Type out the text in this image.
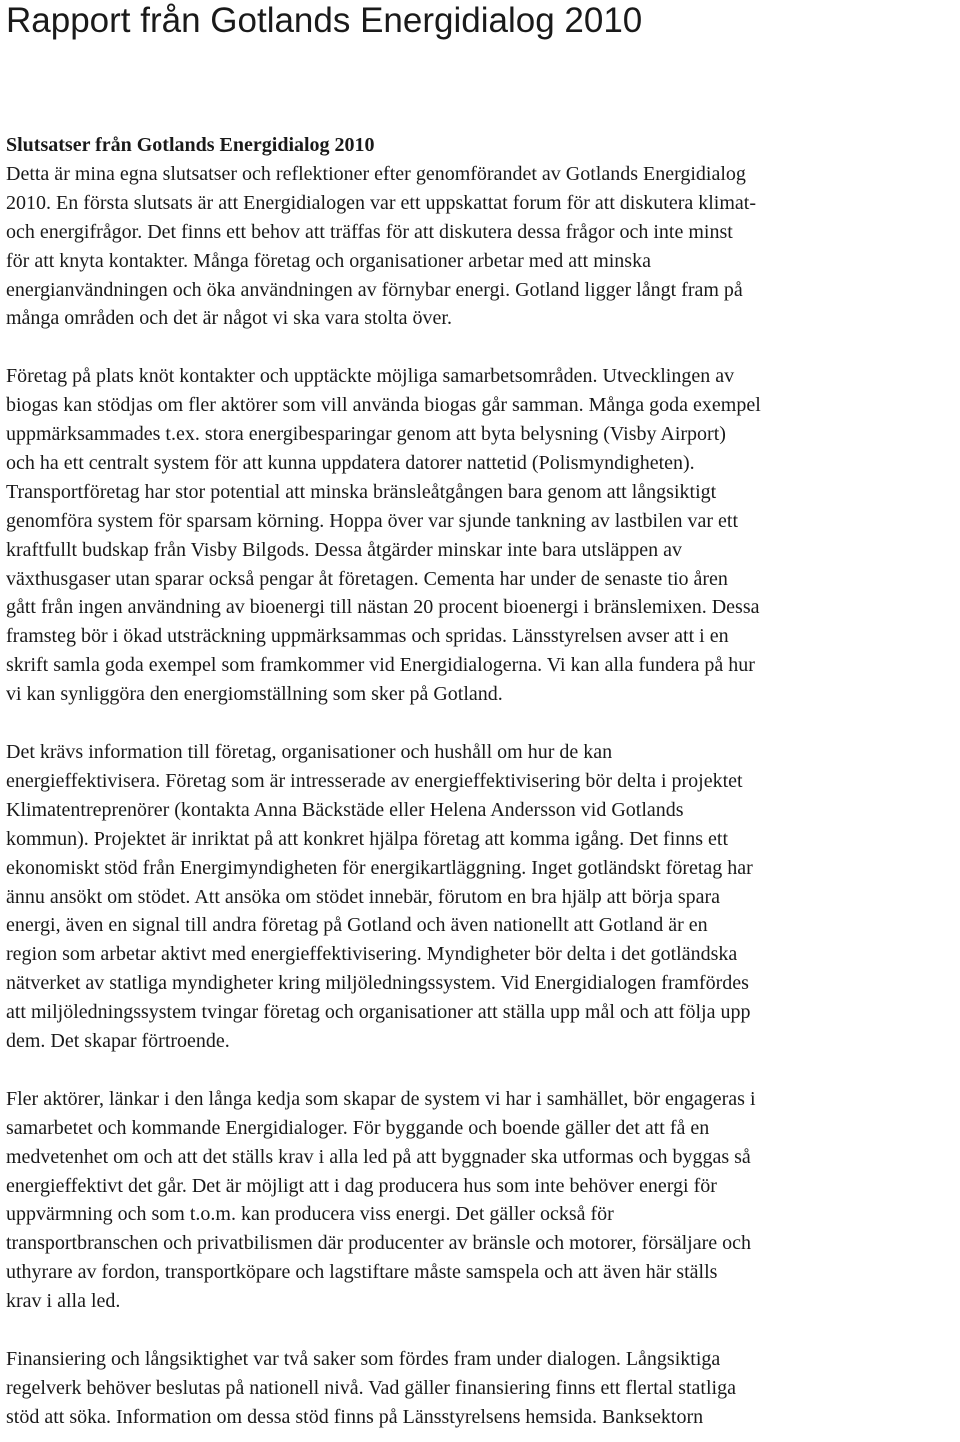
Rapport från Gotlands Energidialog 2010
Slutsatser från Gotlands Energidialog 2010

Detta är mina egna slutsatser och reflektioner efter genomförandet av Gotlands Energidialog
2010. En första slutsats är att Energidialogen var ett uppskattat forum för att diskutera klimat-
och energifrågor. Det finns ett behov att träffas för att diskutera dessa frågor och inte minst
för att knyta kontakter. Många företag och organisationer arbetar med att minska
energianvändningen och öka användningen av förnybar energi. Gotland ligger långt fram på
många områden och det är något vi ska vara stolta över.

Företag på plats knöt kontakter och upptäckte möjliga samarbetsområden. Utvecklingen av
biogas kan stödjas om fler aktörer som vill använda biogas går samman. Många goda exempel
uppmärksammades t.ex. stora energibesparingar genom att byta belysning (Visby Airport)
och ha ett centralt system för att kunna uppdatera datorer nattetid (Polismyndigheten).
Transportföretag har stor potential att minska bränsleåtgången bara genom att långsiktigt
genomföra system för sparsam körning. Hoppa över var sjunde tankning av lastbilen var ett
kraftfullt budskap från Visby Bilgods. Dessa åtgärder minskar inte bara utsläppen av
växthusgaser utan sparar också pengar åt företagen. Cementa har under de senaste tio åren
gått från ingen användning av bioenergi till nästan 20 procent bioenergi i bränslemixen. Dessa
framsteg bör i ökad utsträckning uppmärksammas och spridas. Länsstyrelsen avser att i en
skrift samla goda exempel som framkommer vid Energidialogerna. Vi kan alla fundera på hur
vi kan synliggöra den energiomställning som sker på Gotland.

Det krävs information till företag, organisationer och hushåll om hur de kan
energieffektivisera. Företag som är intresserade av energieffektivisering bör delta i projektet
Klimatentreprenörer (kontakta Anna Bäckstäde eller Helena Andersson vid Gotlands
kommun). Projektet är inriktat på att konkret hjälpa företag att komma igång. Det finns ett
ekonomiskt stöd från Energimyndigheten för energikartläggning. Inget gotländskt företag har
ännu ansökt om stödet. Att ansöka om stödet innebär, förutom en bra hjälp att börja spara
energi, även en signal till andra företag på Gotland och även nationellt att Gotland är en
region som arbetar aktivt med energieffektivisering. Myndigheter bör delta i det gotländska
nätverket av statliga myndigheter kring miljöledningssystem. Vid Energidialogen framfördes
att miljöledningssystem tvingar företag och organisationer att ställa upp mål och att följa upp
dem. Det skapar förtroende.

Fler aktörer, länkar i den långa kedja som skapar de system vi har i samhället, bör engageras i
samarbetet och kommande Energidialoger. För byggande och boende gäller det att få en
medvetenhet om och att det ställs krav i alla led på att byggnader ska utformas och byggas så
energieffektivt det går. Det är möjligt att i dag producera hus som inte behöver energi för
uppvärmning och som t.o.m. kan producera viss energi. Det gäller också för
transportbranschen och privatbilismen där producenter av bränsle och motorer, försäljare och
uthyrare av fordon, transportköpare och lagstiftare måste samspela och att även här ställs
krav i alla led.

Finansiering och långsiktighet var två saker som fördes fram under dialogen. Långsiktiga
regelverk behöver beslutas på nationell nivå. Vad gäller finansiering finns ett flertal statliga
stöd att söka. Information om dessa stöd finns på Länsstyrelsens hemsida. Banksektorn
